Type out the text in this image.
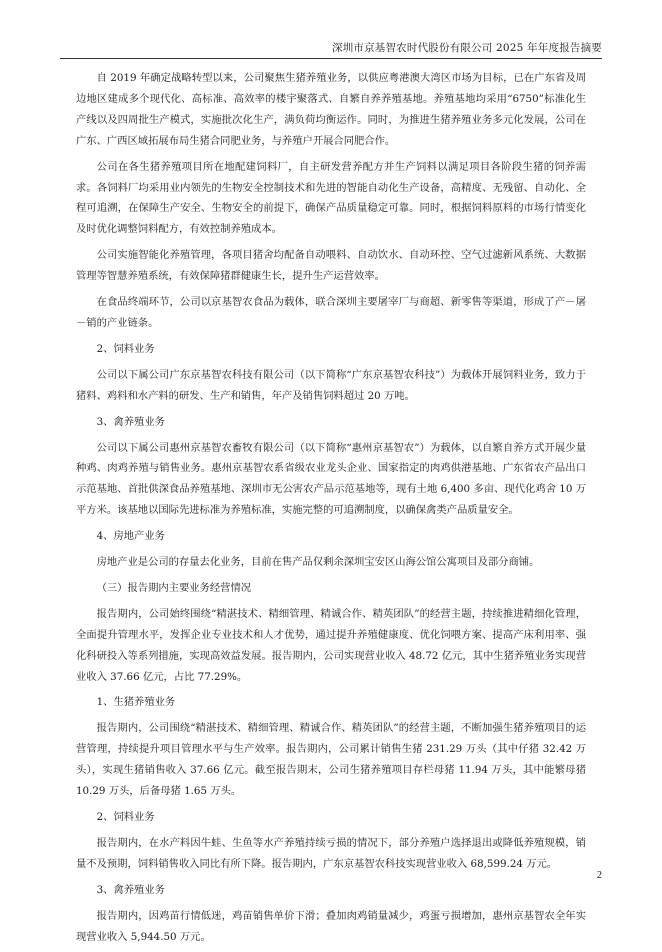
深圳市京基智农时代股份有限公司 2025 年年度报告摘要

自 2019 年确定战略转型以来，公司聚焦生猪养殖业务，以供应粤港澳大湾区市场为目标，已在广东省及周边地区建成多个现代化、高标准、高效率的楼宇聚落式、自繁自养养殖基地。养殖基地均采用“6750”标准化生产线以及四周批生产模式，实施批次化生产，满负荷均衡运作。同时，为推进生猪养殖业务多元化发展，公司在广东、广西区域拓展布局生猪合同肥业务，与养殖户开展合同肥合作。

公司在各生猪养殖项目所在地配建饲料厂，自主研发营养配方并生产饲料以满足项目各阶段生猪的饲养需求。各饲料厂均采用业内领先的生物安全控制技术和先进的智能自动化生产设备，高精度、无残留、自动化、全程可追溯，在保障生产安全、生物安全的前提下，确保产品质量稳定可靠。同时，根据饲料原料的市场行情变化及时优化调整饲料配方，有效控制养殖成本。

公司实施智能化养殖管理，各项目猪舍均配备自动喂料、自动饮水、自动环控、空气过滤新风系统、大数据管理等智慧养殖系统，有效保障猪群健康生长，提升生产运营效率。

在食品终端环节，公司以京基智农食品为载体，联合深圳主要屠宰厂与商超、新零售等渠道，形成了产－屠－销的产业链条。

2、饲料业务

公司以下属公司广东京基智农科技有限公司（以下简称“广东京基智农科技”）为载体开展饲料业务，致力于猪料、鸡料和水产料的研发、生产和销售，年产及销售饲料超过 20 万吨。

3、禽养殖业务

公司以下属公司惠州京基智农畜牧有限公司（以下简称“惠州京基智农”）为载体，以自繁自养方式开展少量种鸡、肉鸡养殖与销售业务。惠州京基智农系省级农业龙头企业、国家指定的肉鸡供港基地、广东省农产品出口示范基地、首批供深食品养殖基地、深圳市无公害农产品示范基地等，现有土地 6,400 多亩、现代化鸡舍 10 万平方米。该基地以国际先进标准为养殖标准，实施完整的可追溯制度，以确保禽类产品质量安全。

4、房地产业务

房地产业是公司的存量去化业务，目前在售产品仅剩余深圳宝安区山海公馆公寓项目及部分商铺。

（三）报告期内主要业务经营情况

报告期内，公司始终围绕“精湛技术、精细管理、精诚合作、精英团队”的经营主题，持续推进精细化管理，全面提升管理水平，发挥企业专业技术和人才优势，通过提升养殖健康度、优化饲喂方案、提高产床利用率、强化科研投入等系列措施，实现高效益发展。报告期内，公司实现营业收入 48.72 亿元，其中生猪养殖业务实现营业收入 37.66 亿元，占比 77.29%。

1、生猪养殖业务

报告期内，公司围绕“精湛技术、精细管理、精诚合作、精英团队”的经营主题，不断加强生猪养殖项目的运营管理，持续提升项目管理水平与生产效率。报告期内，公司累计销售生猪 231.29 万头（其中仔猪 32.42 万头），实现生猪销售收入 37.66 亿元。截至报告期末，公司生猪养殖项目存栏母猪 11.94 万头，其中能繁母猪 10.29 万头，后备母猪 1.65 万头。

2、饲料业务

报告期内，在水产料因牛蛙、生鱼等水产养殖持续亏损的情况下，部分养殖户选择退出或降低养殖规模，销量不及预期，饲料销售收入同比有所下降。报告期内，广东京基智农科技实现营业收入 68,599.24 万元。

3、禽养殖业务

报告期内，因鸡苗行情低迷，鸡苗销售单价下滑；叠加肉鸡销量减少，鸡蛋亏损增加，惠州京基智农全年实现营业收入 5,944.50 万元。

2
